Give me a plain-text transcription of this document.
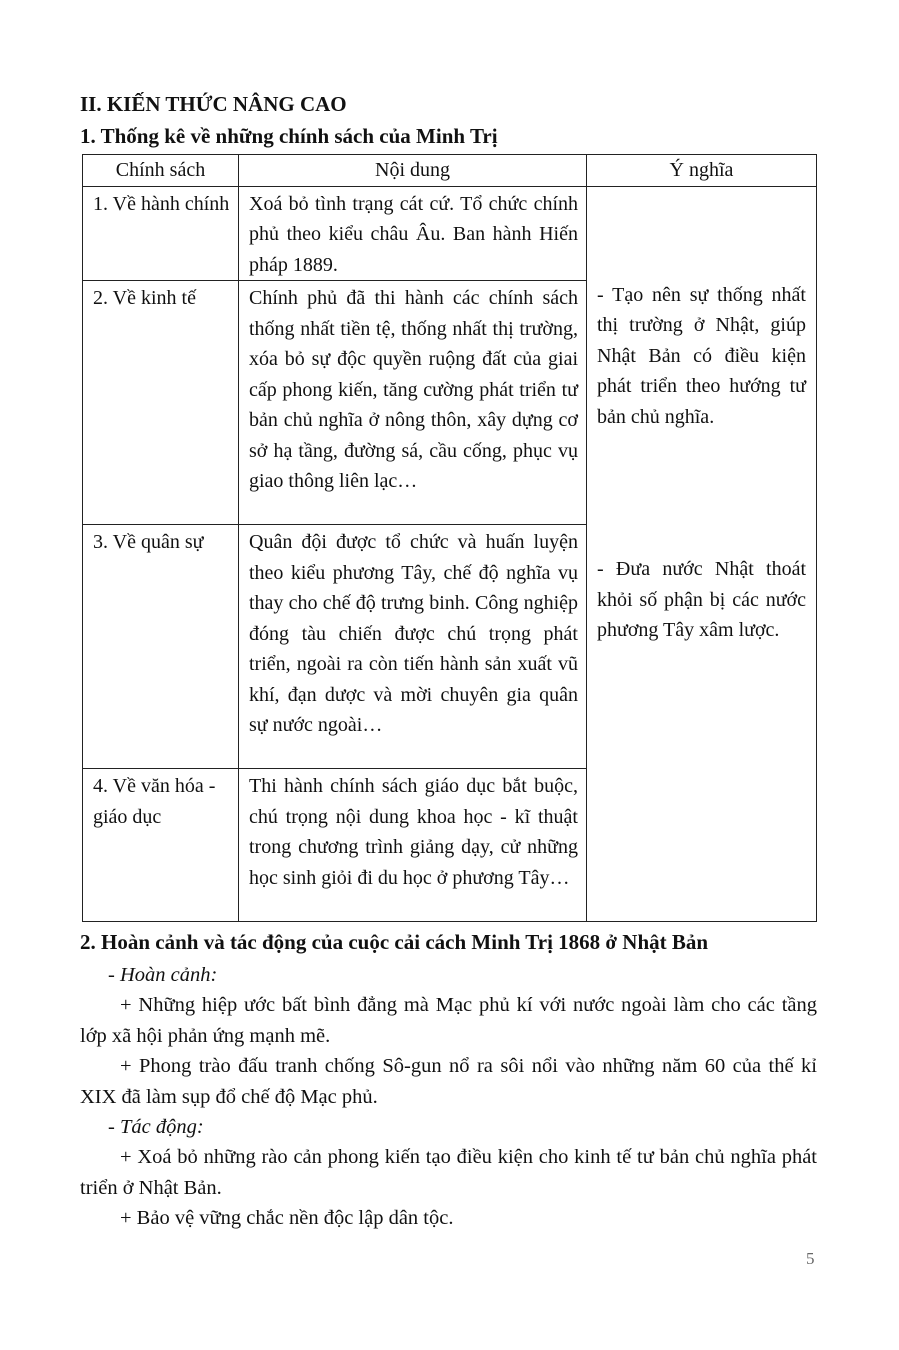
II. KIẾN THỨC NÂNG CAO
1. Thống kê về những chính sách của Minh Trị
Chính sách	Nội dung	Ý nghĩa
1. Về hành chính	Xoá bỏ tình trạng cát cứ. Tổ chức chính phủ theo kiểu châu Âu. Ban hành Hiến pháp 1889.	- Tạo nên sự thống nhất thị trường ở Nhật, giúp Nhật Bản có điều kiện phát triển theo hướng tư bản chủ nghĩa.
- Đưa nước Nhật thoát khỏi số phận bị các nước phương Tây xâm lược.

2. Về kinh tế	Chính phủ đã thi hành các chính sách thống nhất tiền tệ, thống nhất thị trường, xóa bỏ sự độc quyền ruộng đất của giai cấp phong kiến, tăng cường phát triển tư bản chủ nghĩa ở nông thôn, xây dựng cơ sở hạ tầng, đường sá, cầu cống, phục vụ giao thông liên lạc…	
3. Về quân sự	Quân đội được tổ chức và huấn luyện theo kiểu phương Tây, chế độ nghĩa vụ thay cho chế độ trưng binh. Công nghiệp đóng tàu chiến được chú trọng phát triển, ngoài ra còn tiến hành sản xuất vũ khí, đạn dược và mời chuyên gia quân sự nước ngoài…	
4. Về văn hóa - giáo dục	Thi hành chính sách giáo dục bắt buộc, chú trọng nội dung khoa học - kĩ thuật trong chương trình giảng dạy, cử những học sinh giỏi đi du học ở phương Tây…	
2. Hoàn cảnh và tác động của cuộc cải cách Minh Trị 1868 ở Nhật Bản
- Hoàn cảnh:
+ Những hiệp ước bất bình đẳng mà Mạc phủ kí với nước ngoài làm cho các tầng lớp xã hội phản ứng mạnh mẽ.
+ Phong trào đấu tranh chống Sô-gun nổ ra sôi nổi vào những năm 60 của thế kỉ XIX đã làm sụp đổ chế độ Mạc phủ.
- Tác động:
+ Xoá bỏ những rào cản phong kiến tạo điều kiện cho kinh tế tư bản chủ nghĩa phát triển ở Nhật Bản.
+ Bảo vệ vững chắc nền độc lập dân tộc.
5
